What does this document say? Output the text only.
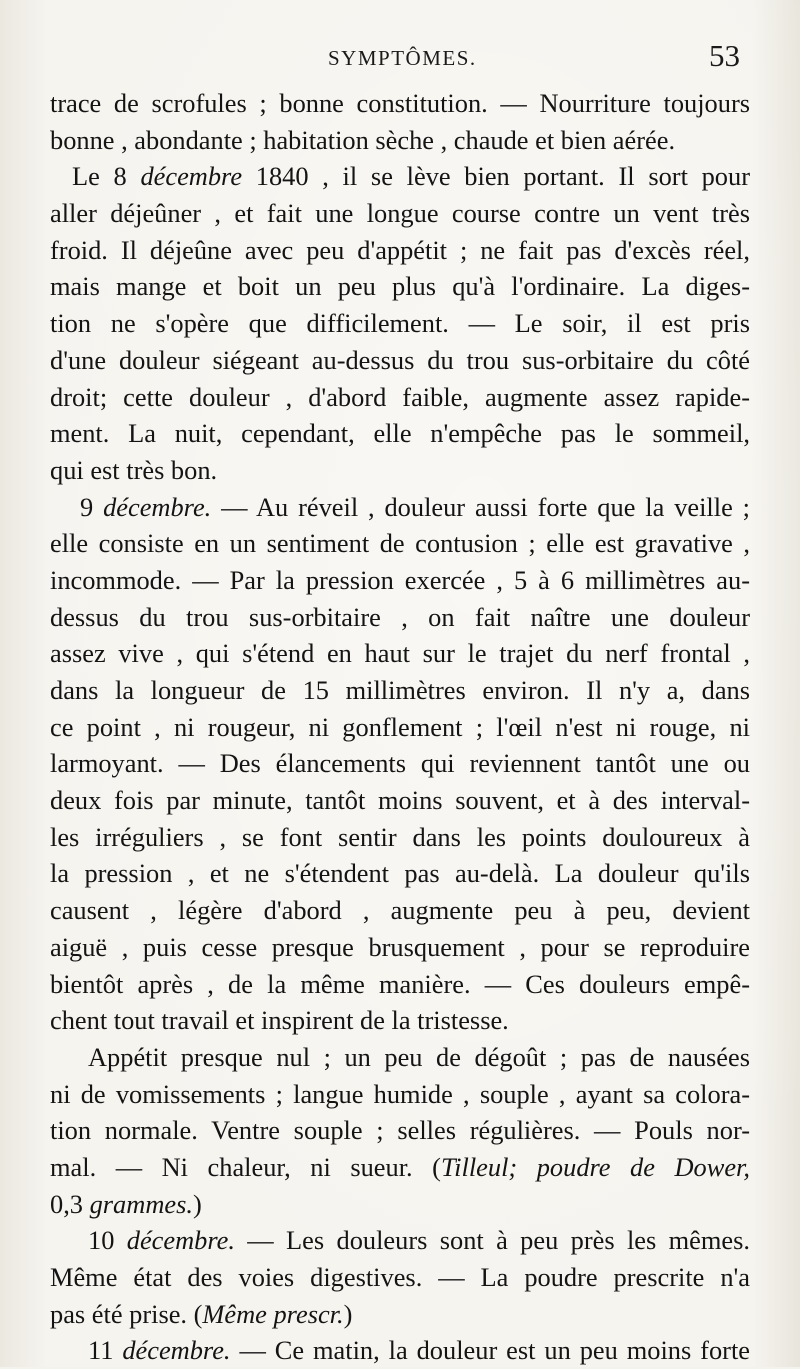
SYMPTÔMES.	53
trace de scrofules ; bonne constitution. — Nourriture toujours
bonne , abondante ; habitation sèche , chaude et bien aérée.
Le 8 décembre 1840 , il se lève bien portant. Il sort pour
aller déjeûner , et fait une longue course contre un vent très
froid. Il déjeûne avec peu d'appétit ; ne fait pas d'excès réel,
mais mange et boit un peu plus qu'à l'ordinaire. La diges-
tion ne s'opère que difficilement. — Le soir, il est pris
d'une douleur siégeant au-dessus du trou sus-orbitaire du côté
droit; cette douleur , d'abord faible, augmente assez rapide-
ment. La nuit, cependant, elle n'empêche pas le sommeil,
qui est très bon.
9 décembre. — Au réveil , douleur aussi forte que la veille ;
elle consiste en un sentiment de contusion ; elle est gravative ,
incommode. — Par la pression exercée , 5 à 6 millimètres au-
dessus du trou sus-orbitaire , on fait naître une douleur
assez vive , qui s'étend en haut sur le trajet du nerf frontal ,
dans la longueur de 15 millimètres environ. Il n'y a, dans
ce point , ni rougeur, ni gonflement ; l'œil n'est ni rouge, ni
larmoyant. — Des élancements qui reviennent tantôt une ou
deux fois par minute, tantôt moins souvent, et à des interval-
les irréguliers , se font sentir dans les points douloureux à
la pression , et ne s'étendent pas au-delà. La douleur qu'ils
causent , légère d'abord , augmente peu à peu, devient
aiguë , puis cesse presque brusquement , pour se reproduire
bientôt après , de la même manière. — Ces douleurs empê-
chent tout travail et inspirent de la tristesse.
Appétit presque nul ; un peu de dégoût ; pas de nausées
ni de vomissements ; langue humide , souple , ayant sa colora-
tion normale. Ventre souple ; selles régulières. — Pouls nor-
mal. — Ni chaleur, ni sueur. (Tilleul; poudre de Dower,
0,3 grammes.)
10 décembre. — Les douleurs sont à peu près les mêmes.
Même état des voies digestives. — La poudre prescrite n'a
pas été prise. (Même prescr.)
11 décembre. — Ce matin, la douleur est un peu moins forte
